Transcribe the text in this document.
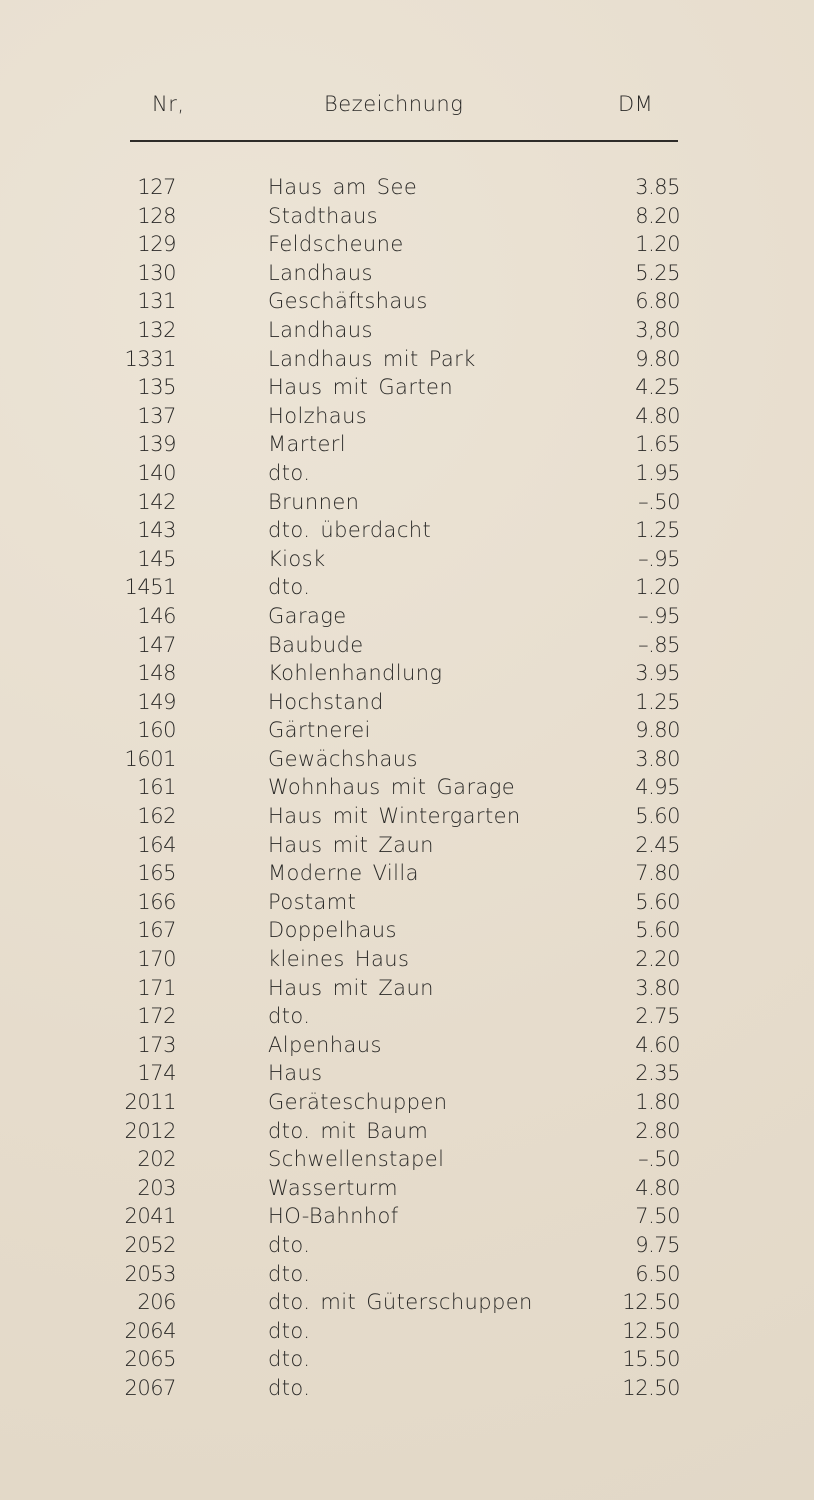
Nr,	Bezeichnung	DM
127	Haus am See	3.85
128	Stadthaus	8.20
129	Feldscheune	1.20
130	Landhaus	5.25
131	Geschäftshaus	6.80
132	Landhaus	3,80
1331	Landhaus mit Park	9.80
135	Haus mit Garten	4.25
137	Holzhaus	4.80
139	Marterl	1.65
140	dto.	1.95
142	Brunnen	–.50
143	dto. überdacht	1.25
145	Kiosk	–.95
1451	dto.	1.20
146	Garage	–.95
147	Baubude	–.85
148	Kohlenhandlung	3.95
149	Hochstand	1.25
160	Gärtnerei	9.80
1601	Gewächshaus	3.80
161	Wohnhaus mit Garage	4.95
162	Haus mit Wintergarten	5.60
164	Haus mit Zaun	2.45
165	Moderne Villa	7.80
166	Postamt	5.60
167	Doppelhaus	5.60
170	kleines Haus	2.20
171	Haus mit Zaun	3.80
172	dto.	2.75
173	Alpenhaus	4.60
174	Haus	2.35
2011	Geräteschuppen	1.80
2012	dto. mit Baum	2.80
202	Schwellenstapel	–.50
203	Wasserturm	4.80
2041	HO-Bahnhof	7.50
2052	dto.	9.75
2053	dto.	6.50
206	dto. mit Güterschuppen	12.50
2064	dto.	12.50
2065	dto.	15.50
2067	dto.	12.50
